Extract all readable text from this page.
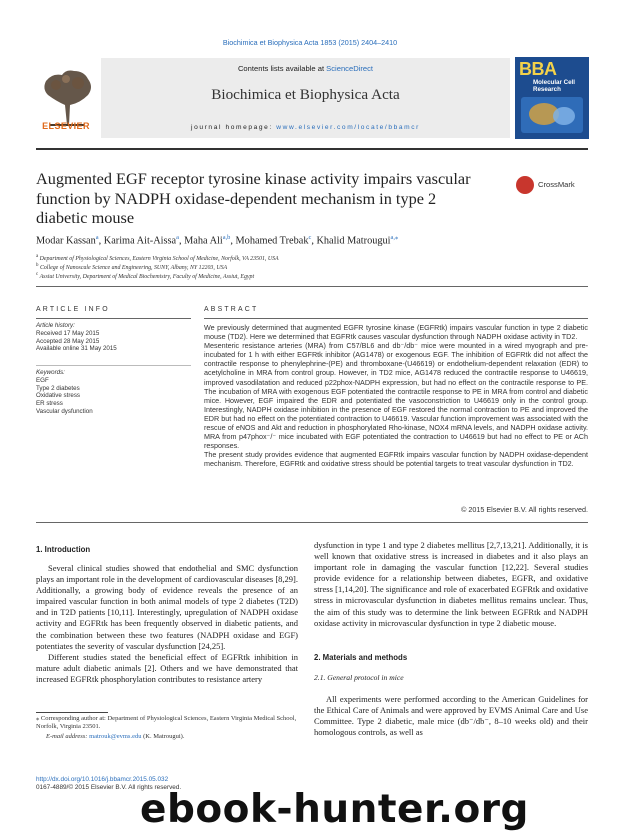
Biochimica et Biophysica Acta 1853 (2015) 2404–2410
ELSEVIER
Contents lists available at ScienceDirect
Biochimica et Biophysica Acta
journal homepage: www.elsevier.com/locate/bbamcr
BBA
Molecular Cell Research
Augmented EGF receptor tyrosine kinase activity impairs vascular function by NADPH oxidase-dependent mechanism in type 2 diabetic mouse
CrossMark
Modar Kassan$^a$, Karima Ait-Aissa$^a$, Maha Ali$^{a,b}$, Mohamed Trebak$^c$, Khalid Matrougui$^{a,⁎}$
$^a$ Department of Physiological Sciences, Eastern Virginia School of Medicine, Norfolk, VA 23501, USA
$^b$ College of Nanoscale Science and Engineering, SUNY, Albany, NY 12203, USA
$^c$ Assiut University, Department of Medical Biochemistry, Faculty of Medicine, Assiut, Egypt
ARTICLE INFO
Article history:
Received 17 May 2015
Accepted 28 May 2015
Available online 31 May 2015
Keywords:
EGF
Type 2 diabetes
Oxidative stress
ER stress
Vascular dysfunction
ABSTRACT

We previously determined that augmented EGFR tyrosine kinase (EGFRtk) impairs vascular function in type 2 diabetic mouse (TD2). Here we determined that EGFRtk causes vascular dysfunction through NADPH oxidase activity in TD2.

Mesenteric resistance arteries (MRA) from C57/BL6 and db⁻/db⁻ mice were mounted in a wired myograph and pre-incubated for 1 h with either EGFRtk inhibitor (AG1478) or exogenous EGF. The inhibition of EGFRtk did not affect the contractile response to phenylephrine-(PE) and thromboxane-(U46619) or endothelium-dependent relaxation (EDR) to acetylcholine in MRA from control group. However, in TD2 mice, AG1478 reduced the contractile response to U46619, improved vasodilatation and reduced p22phox-NADPH expression, but had no effect on the contractile response to PE. The incubation of MRA with exogenous EGF potentiated the contractile response to PE in MRA from control and diabetic mice. However, EGF impaired the EDR and potentiated the vasoconstriction to U46619 only in the control group. Interestingly, NADPH oxidase inhibition in the presence of EGF restored the normal contraction to PE and improved the EDR but had no effect on the potentiated contraction to U46619. Vascular function improvement was associated with the rescue of eNOS and Akt and reduction in phosphorylated Rho-kinase, NOX4 mRNA levels, and NADPH oxidase activity. MRA from p47phox⁻/⁻ mice incubated with EGF potentiated the contraction to U46619 but had no effect to PE or ACh responses.

The present study provides evidence that augmented EGFRtk impairs vascular function by NADPH oxidase-dependent mechanism. Therefore, EGFRtk and oxidative stress should be potential targets to treat vascular dysfunction in TD2.

© 2015 Elsevier B.V. All rights reserved.
1. Introduction

Several clinical studies showed that endothelial and SMC dysfunction plays an important role in the development of cardiovascular diseases [8,29]. Additionally, a growing body of evidence reveals the presence of an impaired vascular function in both animal models of type 2 diabetes (T2D) and in T2D patients [10,11]. Interestingly, upregulation of NADPH oxidase activity and EGFRtk has been frequently observed in diabetic patients, and the combination between these two features (NADPH oxidase and EGF) potentiates the severity of vascular dysfunction [24,25].

Different studies stated the beneficial effect of EGFRtk inhibition in mature adult diabetic animals [2]. Others and we have demonstrated that increased EGFRtk phosphorylation contributes to resistance artery

dysfunction in type 1 and type 2 diabetes mellitus [2,7,13,21]. Additionally, it is well known that oxidative stress is increased in diabetes and it also plays an important role in damaging the vascular function [12,22]. Several studies provide evidence for a relationship between diabetes, EGFR, and oxidative stress [1,14,20]. The significance and role of exacerbated EGFRtk and oxidative stress in microvascular dysfunction in diabetes mellitus remains unclear. Thus, the aim of this study was to determine the link between EGFRtk and NADPH oxidase activity in microvascular dysfunction in type 2 diabetic mouse.

2. Materials and methods
2.1. General protocol in mice

All experiments were performed according to the American Guidelines for the Ethical Care of Animals and were approved by EVMS Animal Care and Use Committee. Type 2 diabetic, male mice (db⁻/db⁻, 8–10 weeks old) and their homologous controls, as well as

⁎ Corresponding author at: Department of Physiological Sciences, Eastern Virginia Medical School, Norfolk, Virginia 23501.
E-mail address: matrouk@evms.edu (K. Matrougui).
http://dx.doi.org/10.1016/j.bbamcr.2015.05.032
0167-4889/© 2015 Elsevier B.V. All rights reserved.
ebook-hunter.org
